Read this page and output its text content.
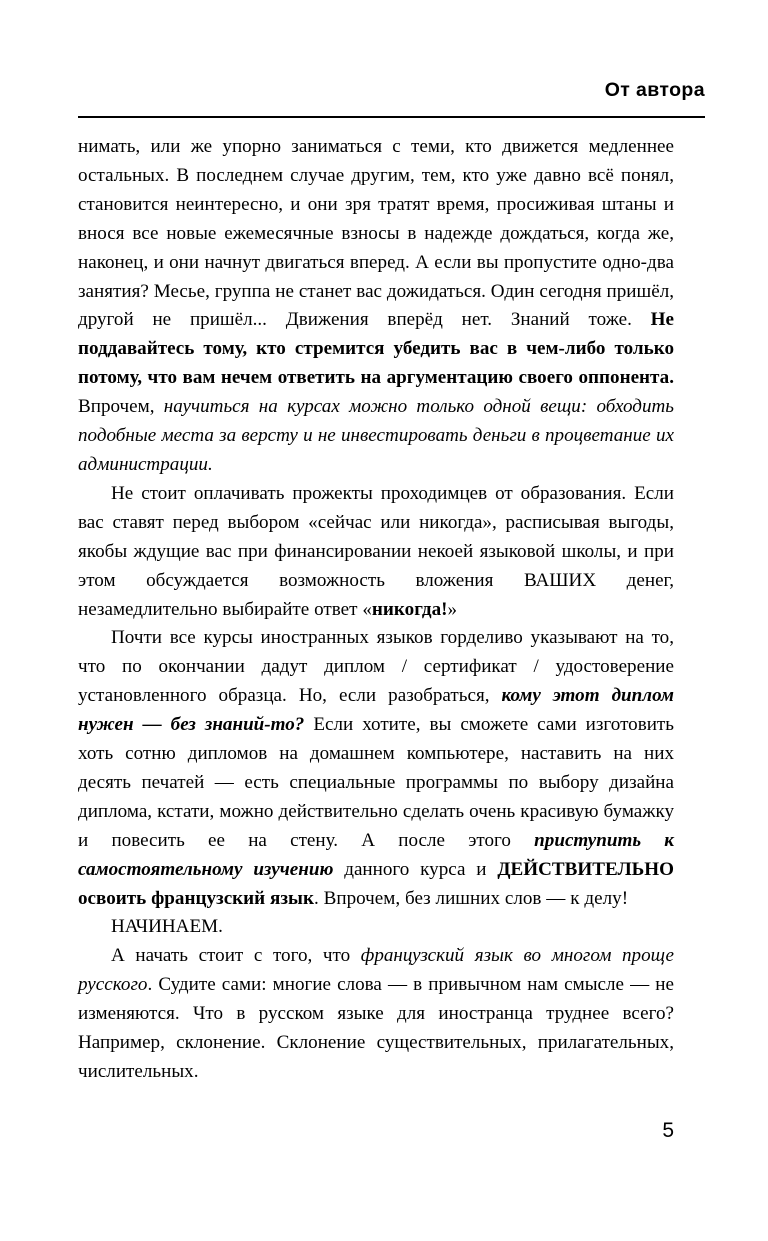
От автора

нимать, или же упорно заниматься с теми, кто движется медленнее остальных. В последнем случае другим, тем, кто уже давно всё понял, становится неинтересно, и они зря тратят время, просиживая штаны и внося все новые ежемесячные взносы в надежде дождаться, когда же, наконец, и они начнут двигаться вперед. А если вы пропустите одно-два занятия? Месье, группа не станет вас дожидаться. Один сегодня пришёл, другой не пришёл... Движения вперёд нет. Знаний тоже. Не поддавайтесь тому, кто стремится убедить вас в чем-либо только потому, что вам нечем ответить на аргументацию своего оппонента. Впрочем, научиться на курсах можно только одной вещи: обходить подобные места за версту и не инвестировать деньги в процветание их администрации.

Не стоит оплачивать прожекты проходимцев от образования. Если вас ставят перед выбором «сейчас или никогда», расписывая выгоды, якобы ждущие вас при финансировании некоей языковой школы, и при этом обсуждается возможность вложения ВАШИХ денег, незамедлительно выбирайте ответ «никогда!»

Почти все курсы иностранных языков горделиво указывают на то, что по окончании дадут диплом / сертификат / удостоверение установленного образца. Но, если разобраться, кому этот диплом нужен — без знаний-то? Если хотите, вы сможете сами изготовить хоть сотню дипломов на домашнем компьютере, наставить на них десять печатей — есть специальные программы по выбору дизайна диплома, кстати, можно действительно сделать очень красивую бумажку и повесить ее на стену. А после этого приступить к самостоятельному изучению данного курса и ДЕЙСТВИТЕЛЬНО освоить французский язык. Впрочем, без лишних слов — к делу!

НАЧИНАЕМ.

А начать стоит с того, что французский язык во многом проще русского. Судите сами: многие слова — в привычном нам смысле — не изменяются. Что в русском языке для иностранца труднее всего? Например, склонение. Склонение существительных, прилагательных, числительных.

5
